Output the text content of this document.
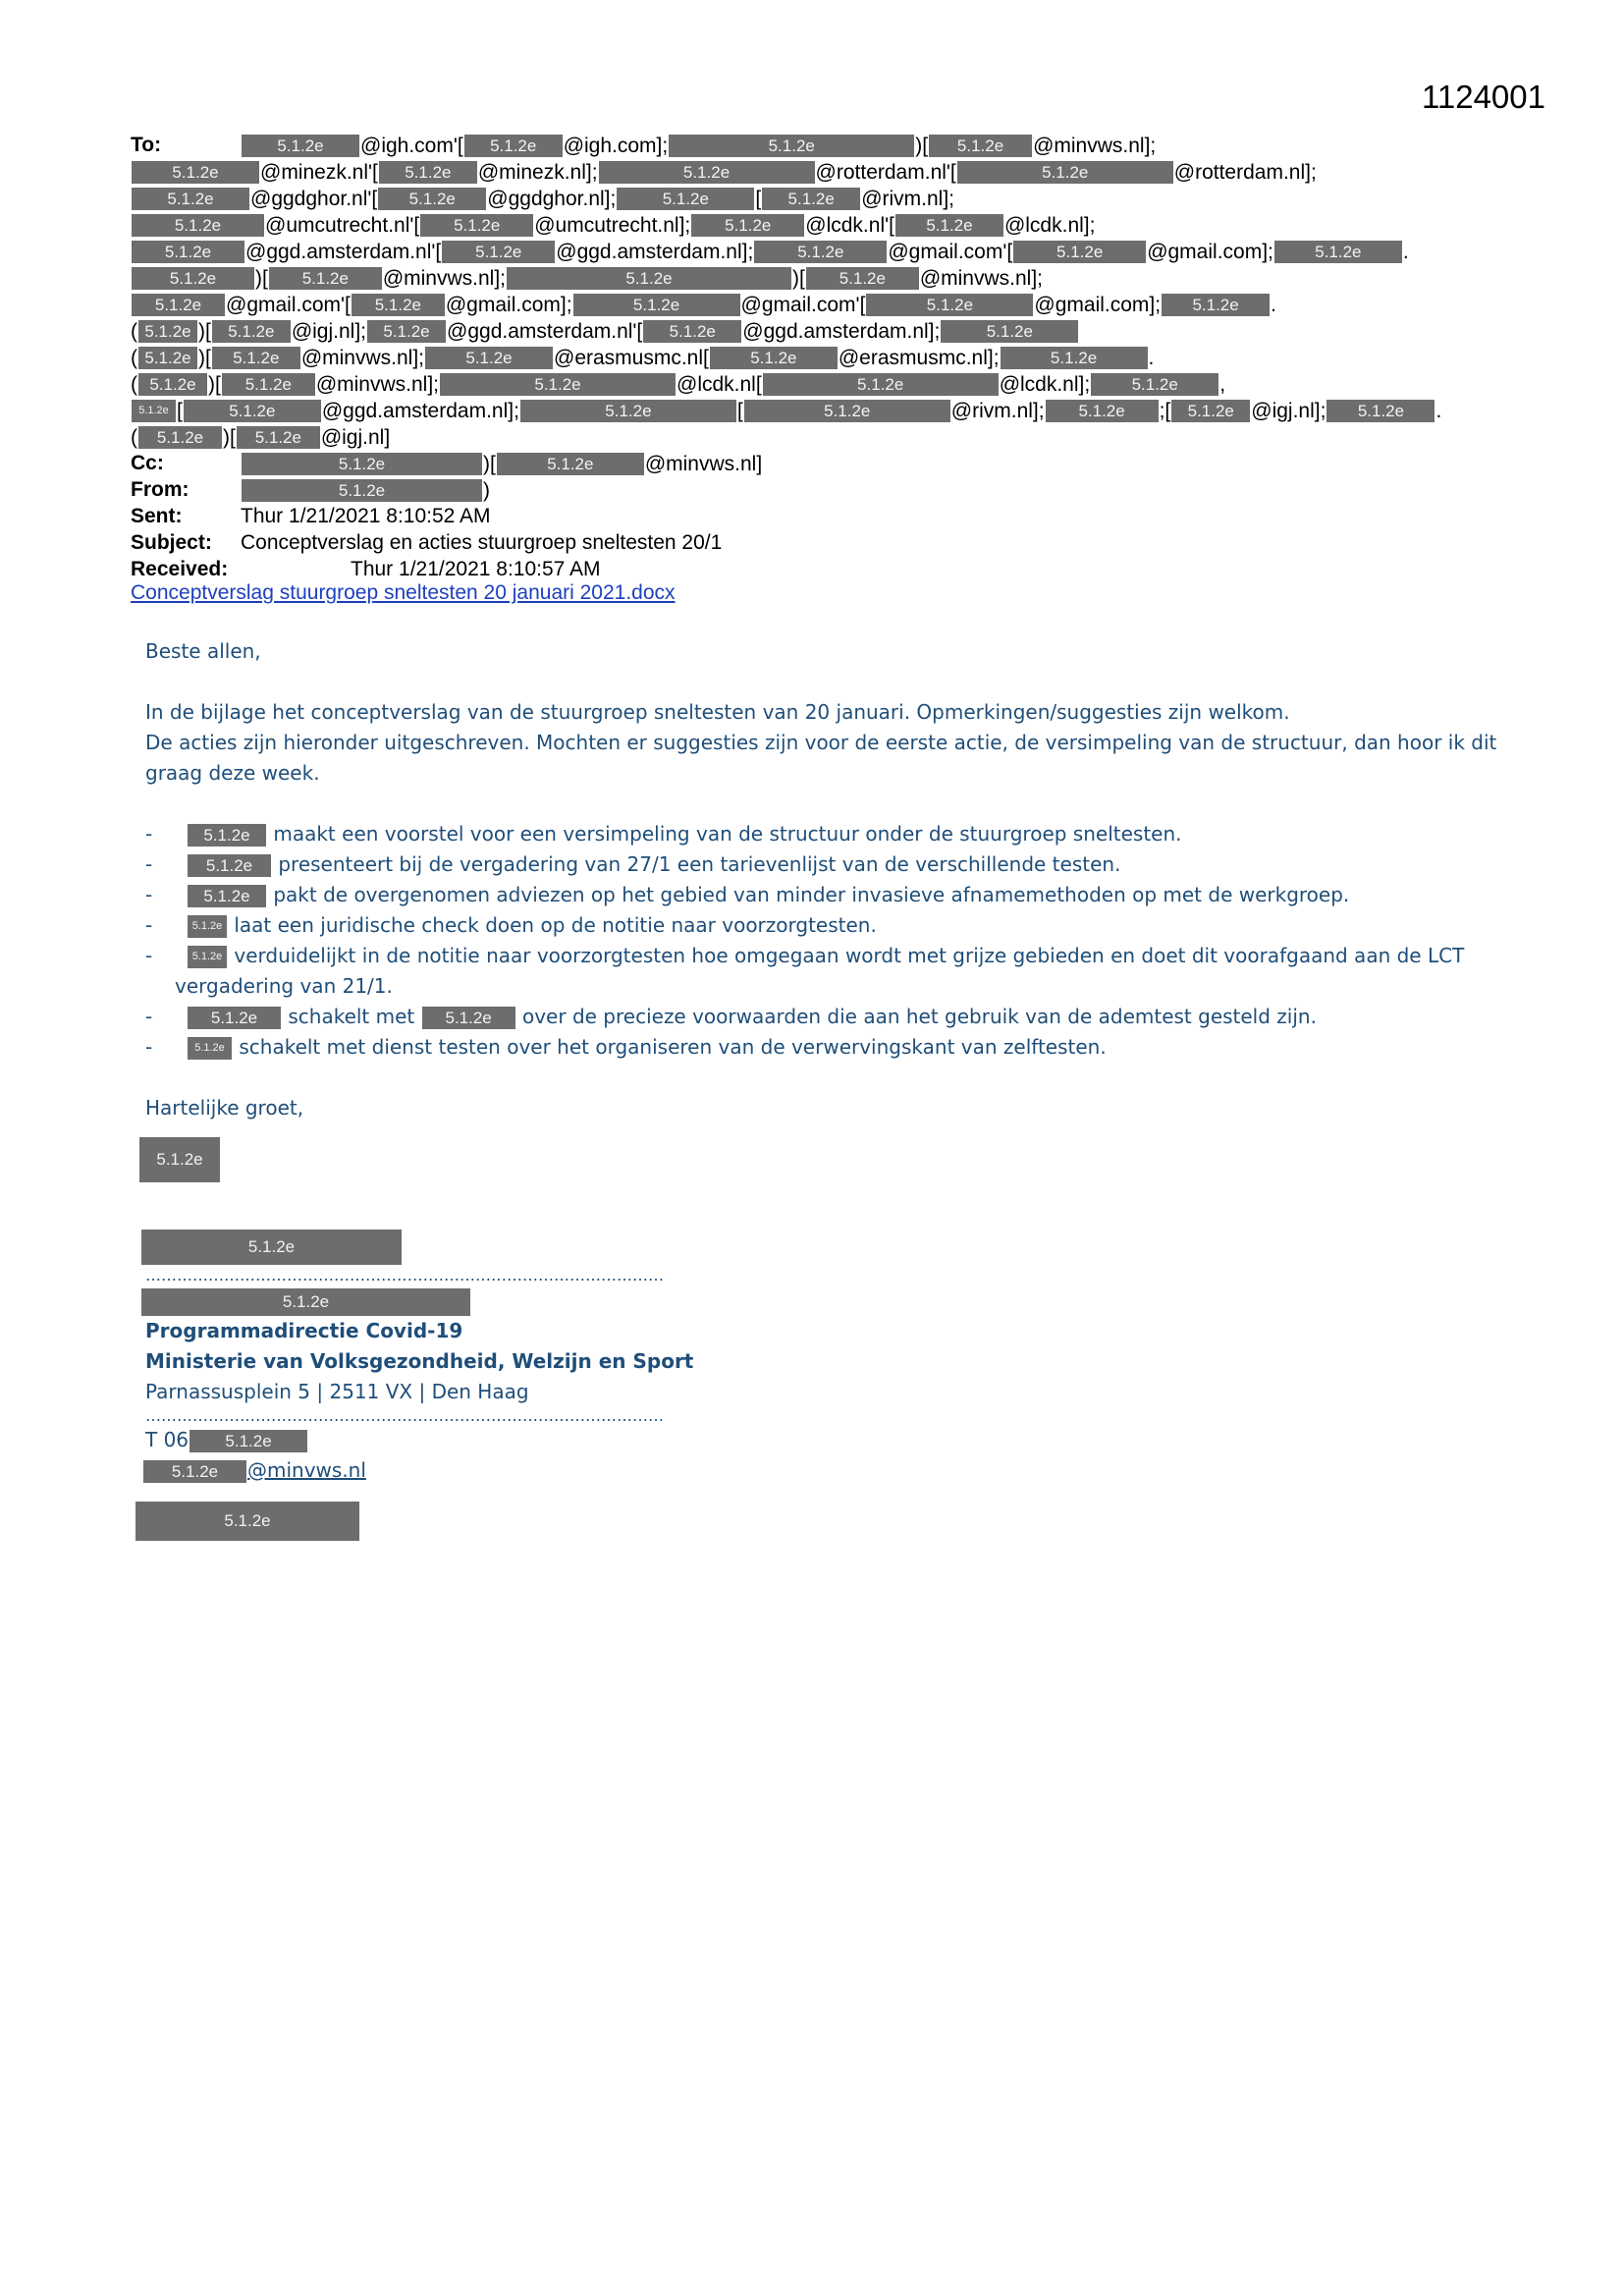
1124001
To:	5.1.2e @igh.com'[ 5.1.2e @igh.com];	5.1.2e	)[ 5.1.2e @minvws.nl];
5.1.2e @minezk.nl'[ 5.1.2e @minezk.nl];	5.1.2e	@rotterdam.nl'[	5.1.2e	@rotterdam.nl];
5.1.2e @ggdghor.nl'[ 5.1.2e @ggdghor.nl];	5.1.2e [ 5.1.2e @rivm.nl];
5.1.2e @umcutrecht.nl'[ 5.1.2e @umcutrecht.nl]; 5.1.2e @lcdk.nl'[ 5.1.2e @lcdk.nl];
5.1.2e @ggd.amsterdam.nl'[ 5.1.2e @ggd.amsterdam.nl];	5.1.2e @gmail.com'[	5.1.2e @gmail.com]; 5.1.2e .
5.1.2e )[ 5.1.2e @minvws.nl];	5.1.2e	)[ 5.1.2e @minvws.nl];
5.1.2e @gmail.com'[ 5.1.2e @gmail.com];	5.1.2e	@gmail.com'[	5.1.2e	@gmail.com]; 5.1.2e .
( 5.1.2e )[ 5.1.2e @igj.nl]; 5.1.2e @ggd.amsterdam.nl'[ 5.1.2e @ggd.amsterdam.nl];	5.1.2e
( 5.1.2e )[ 5.1.2e @minvws.nl]; 5.1.2e @erasmusmc.nl[ 5.1.2e @erasmusmc.nl];	5.1.2e .
( 5.1.2e )[ 5.1.2e @minvws.nl];	5.1.2e	@lcdk.nl[	5.1.2e	@lcdk.nl]; 5.1.2e ,
5.1.2e [	5.1.2e @ggd.amsterdam.nl];	5.1.2e	[	5.1.2e	@rivm.nl]; 5.1.2e ;[ 5.1.2e @igj.nl]; 5.1.2e .
( 5.1.2e )[ 5.1.2e @igj.nl]
Cc:	5.1.2e	)[	5.1.2e @minvws.nl]
From:	5.1.2e	)
Sent:	Thur 1/21/2021 8:10:52 AM
Subject: Conceptverslag en acties stuurgroep sneltesten 20/1
Received:	Thur 1/21/2021 8:10:57 AM
Conceptverslag stuurgroep sneltesten 20 januari 2021.docx

Beste allen,

In de bijlage het conceptverslag van de stuurgroep sneltesten van 20 januari. Opmerkingen/suggesties zijn welkom.

De acties zijn hieronder uitgeschreven. Mochten er suggesties zijn voor de eerste actie, de versimpeling van de structuur, dan hoor ik dit graag deze week.

-	5.1.2e maakt een voorstel voor een versimpeling van de structuur onder de stuurgroep sneltesten.
-	5.1.2e presenteert bij de vergadering van 27/1 een tarievenlijst van de verschillende testen.
-	5.1.2e pakt de overgenomen adviezen op het gebied van minder invasieve afnamemethoden op met de werkgroep.
-	5.1.2e laat een juridische check doen op de notitie naar voorzorgtesten.
-	5.1.2e verduidelijkt in de notitie naar voorzorgtesten hoe omgegaan wordt met grijze gebieden en doet dit voorafgaand aan de LCT vergadering van 21/1.
-	5.1.2e schakelt met 5.1.2e over de precieze voorwaarden die aan het gebruik van de ademtest gesteld zijn.
-	5.1.2e schakelt met dienst testen over het organiseren van de verwervingskant van zelftesten.

Hartelijke groet,

5.1.2e
5.1.2e
………………………………………………………………………………………
5.1.2e

Programmadirectie Covid-19

Ministerie van Volksgezondheid, Welzijn en Sport

Parnassusplein 5 | 2511 VX | Den Haag

………………………………………………………………………………………

T 06 5.1.2e

5.1.2e @minvws.nl

5.1.2e
